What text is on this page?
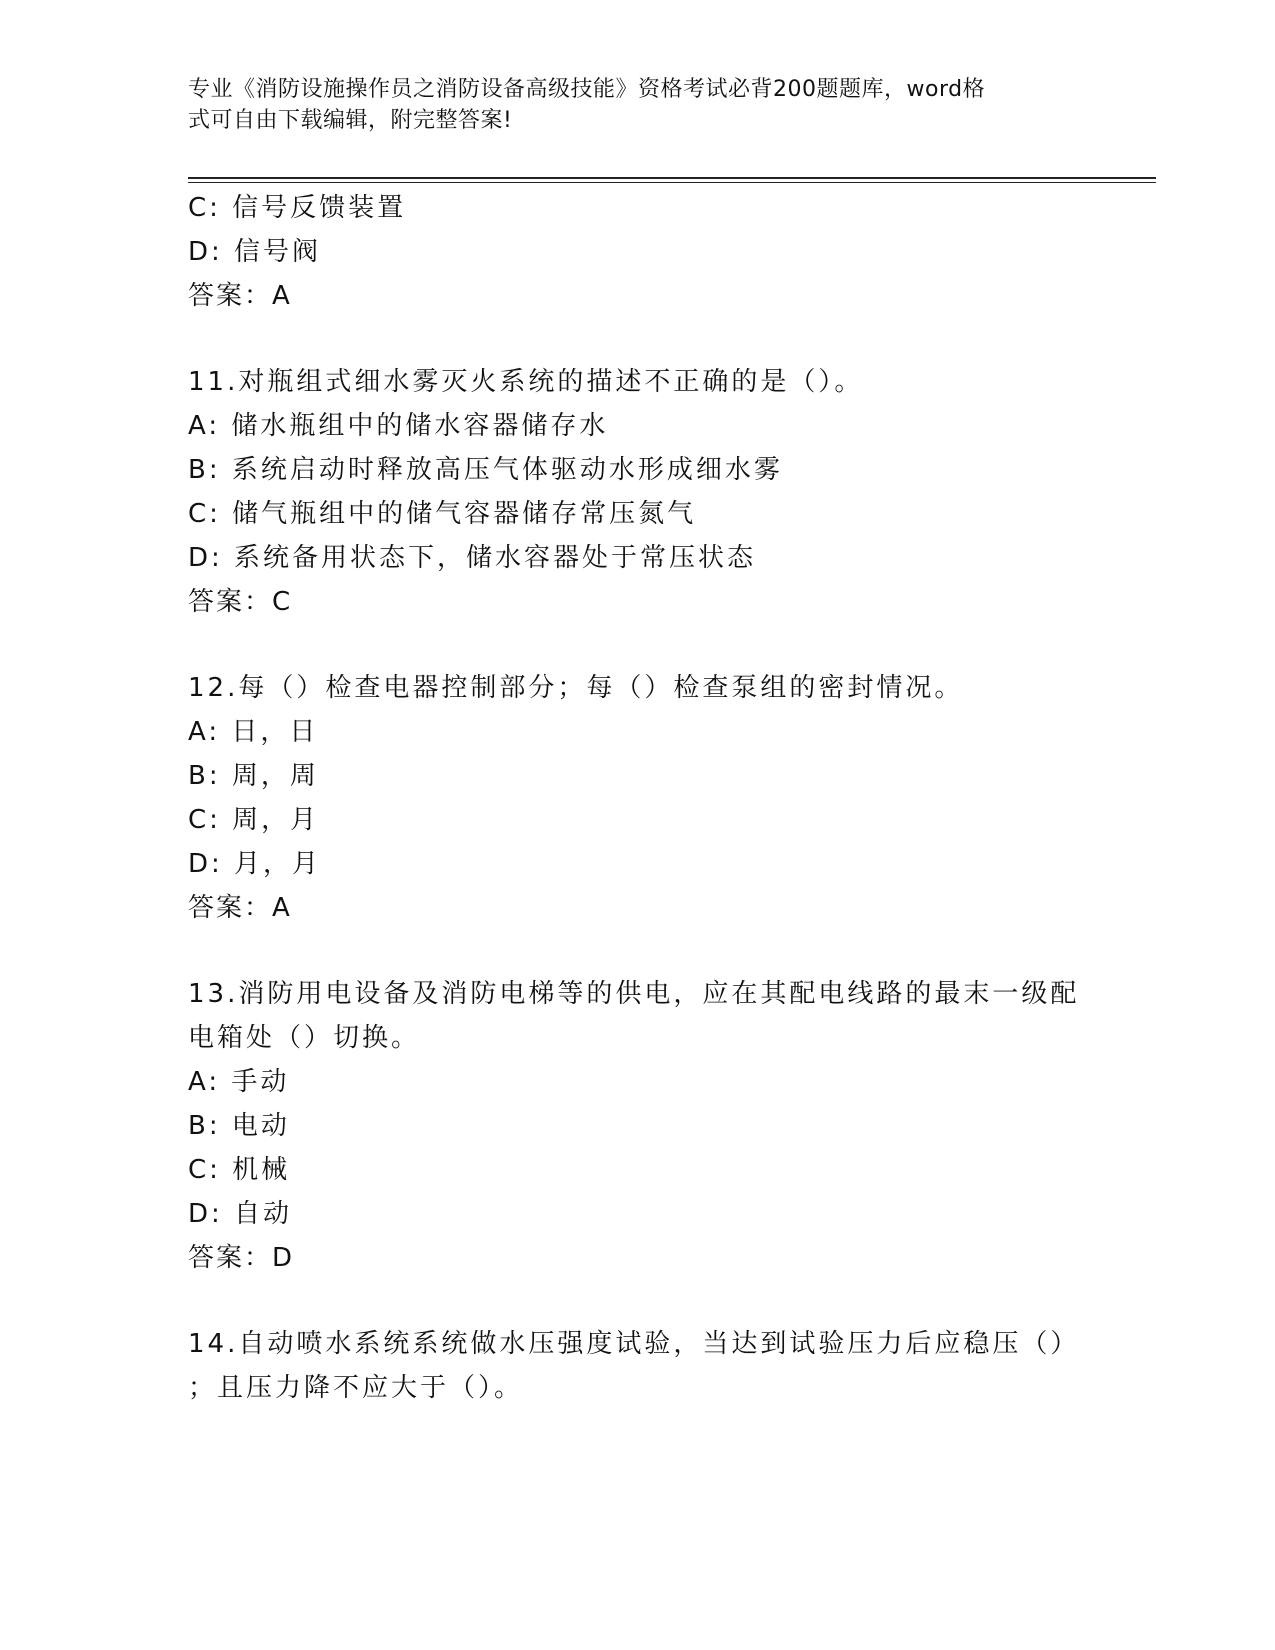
专业《消防设施操作员之消防设备高级技能》资格考试必背200题题库，word格
式可自由下载编辑，附完整答案!
C: 信号反馈装置
D: 信号阀
答案：A
11.对瓶组式细水雾灭火系统的描述不正确的是（）。
A: 储水瓶组中的储水容器储存水
B: 系统启动时释放高压气体驱动水形成细水雾
C: 储气瓶组中的储气容器储存常压氮气
D: 系统备用状态下，储水容器处于常压状态
答案：C
12.每（）检查电器控制部分；每（）检查泵组的密封情况。
A: 日，日
B: 周，周
C: 周，月
D: 月，月
答案：A
13.消防用电设备及消防电梯等的供电，应在其配电线路的最末一级配
电箱处（）切换。
A: 手动
B: 电动
C: 机械
D: 自动
答案：D
14.自动喷水系统系统做水压强度试验，当达到试验压力后应稳压（）
；且压力降不应大于（）。
